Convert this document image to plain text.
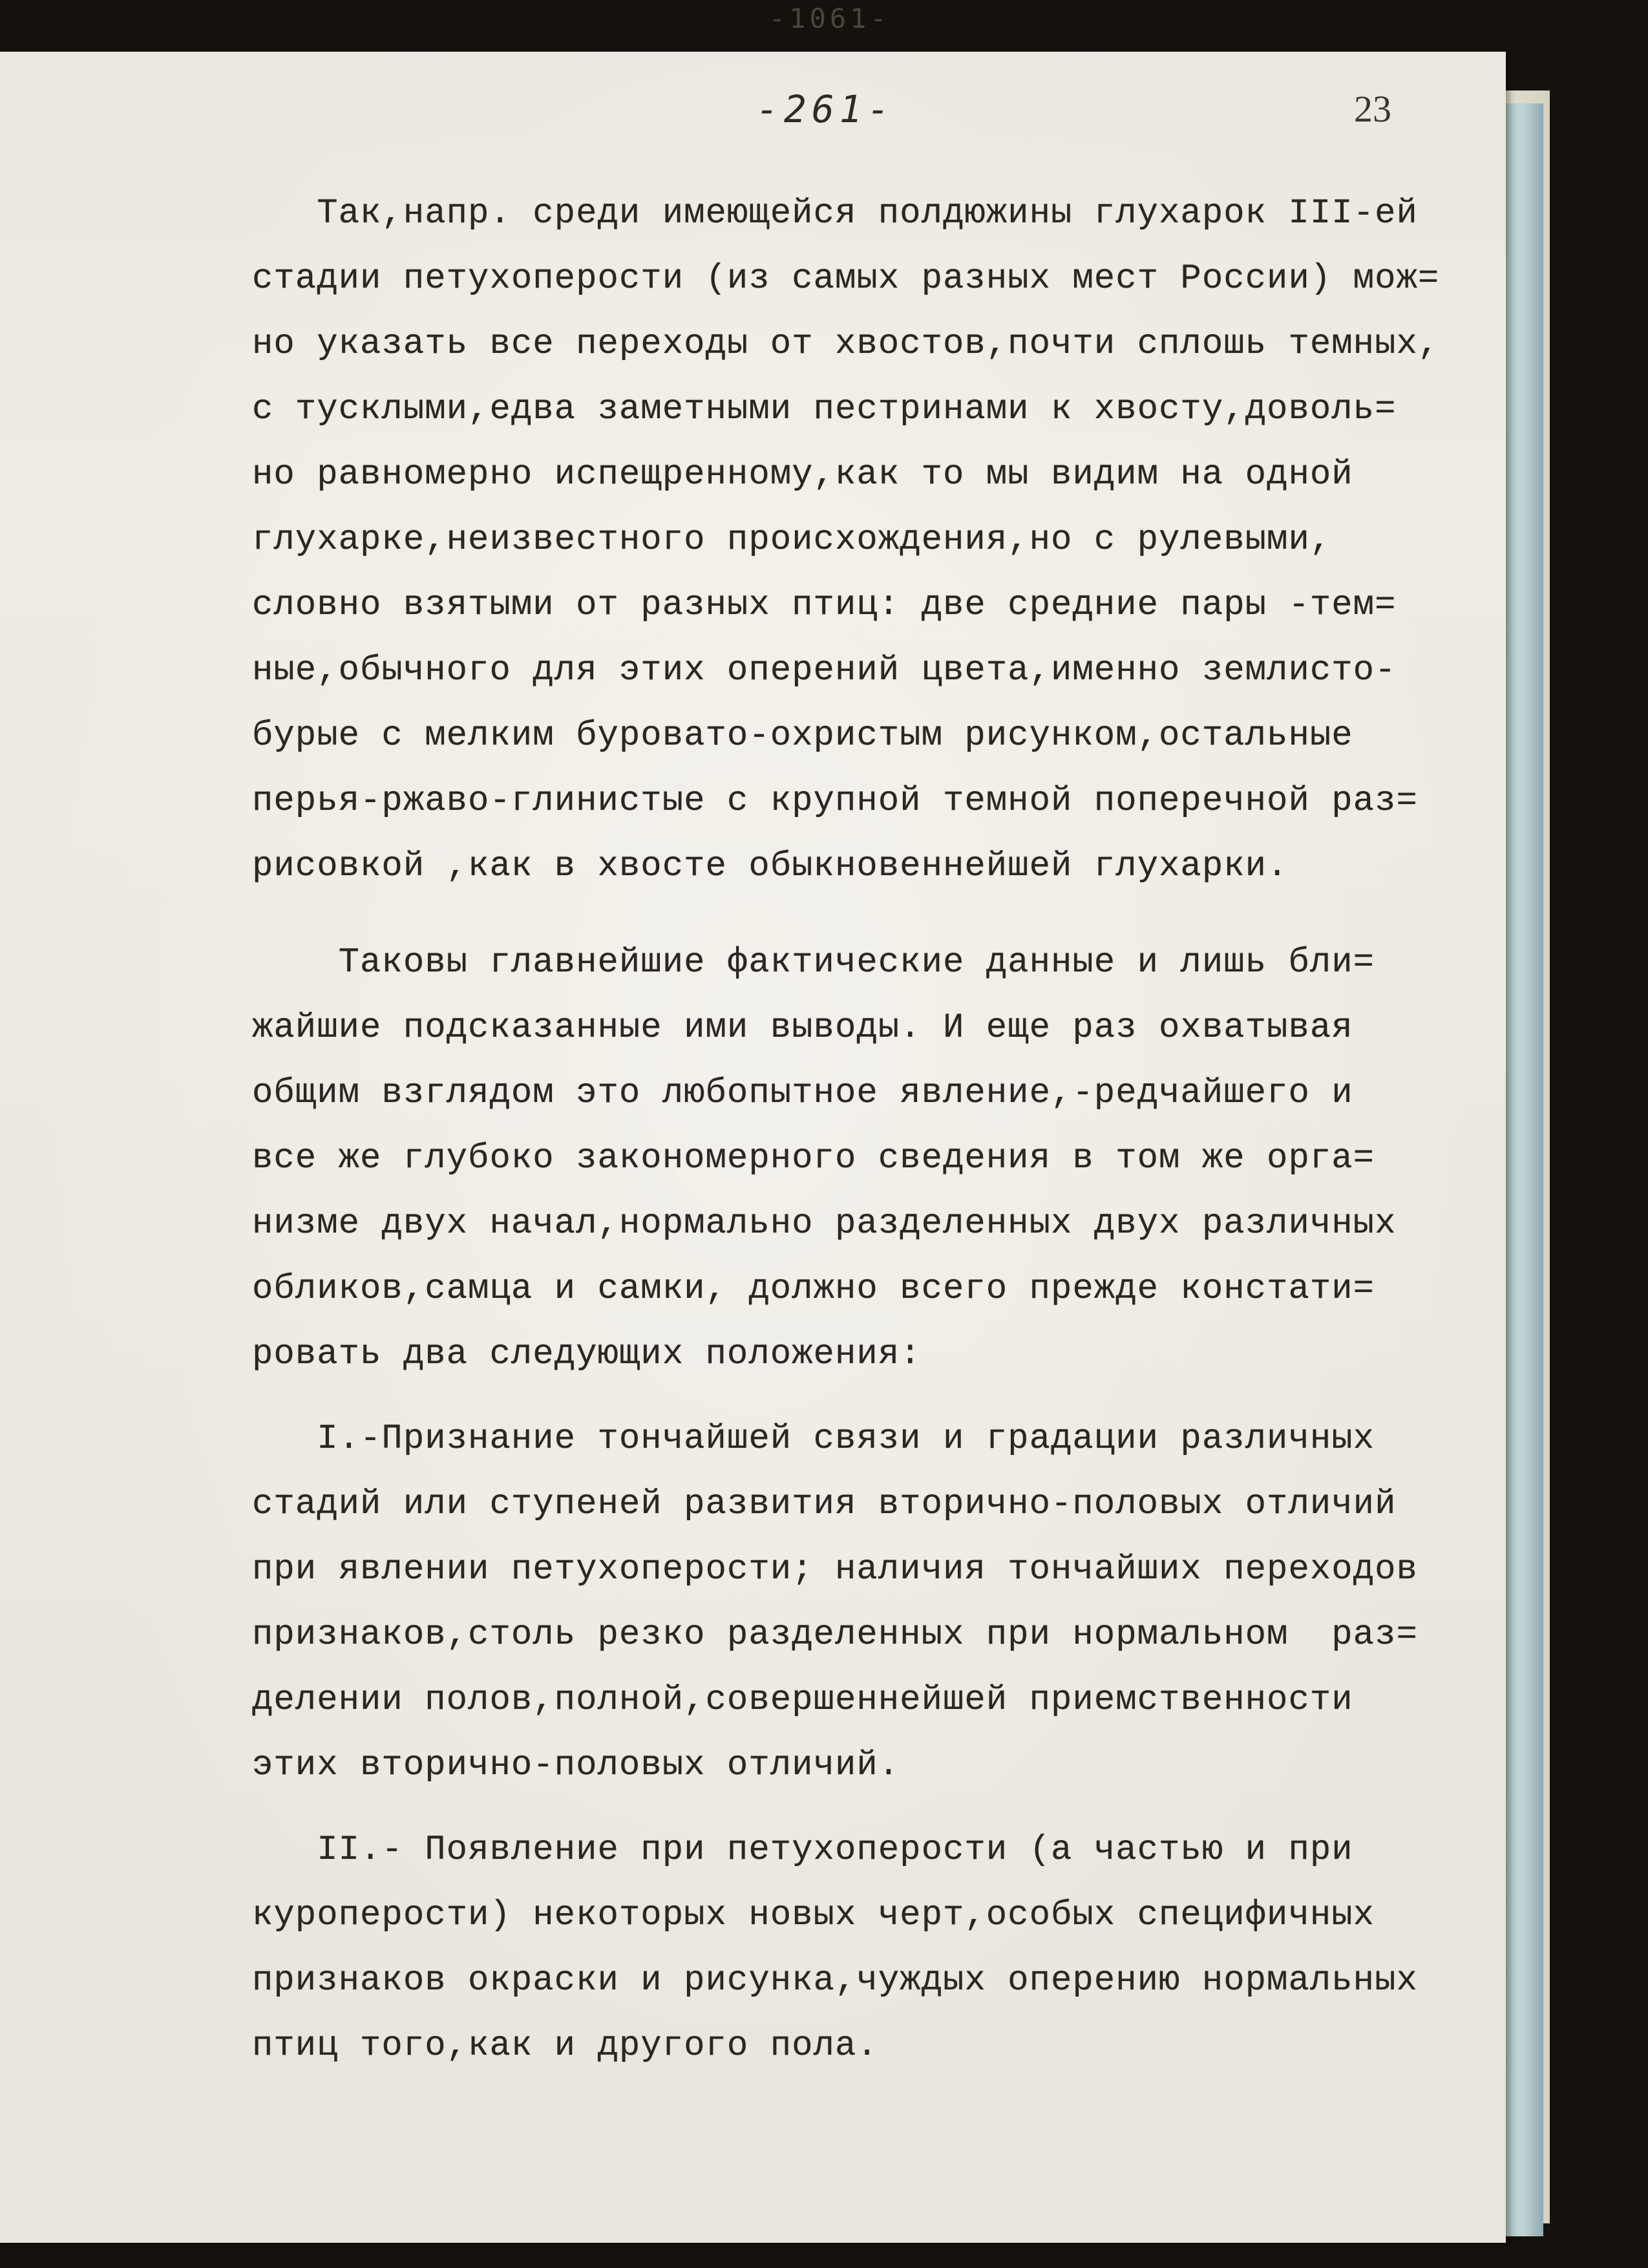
-1061-
-261-	23
Так,напр. среди имеющейся полдюжины глухарок III-ей
стадии петухоперости (из самых разных мест России) мож=
но указать все переходы от хвостов,почти сплошь темных,
с тусклыми,едва заметными пестринами к хвосту,доволь=
но равномерно испещренному,как то мы видим на одной
глухарке,неизвестного происхождения,но с рулевыми,
словно взятыми от разных птиц: две средние пары -тем=
ные,обычного для этих оперений цвета,именно землисто-
бурые с мелким буровато-охристым рисунком,остальные
перья-ржаво-глинистые с крупной темной поперечной раз=
рисовкой ,как в хвосте обыкновеннейшей глухарки.
Таковы главнейшие фактические данные и лишь бли=
жайшие подсказанные ими выводы. И еще раз охватывая
общим взглядом это любопытное явление,-редчайшего и
все же глубоко закономерного сведения в том же орга=
низме двух начал,нормально разделенных двух различных
обликов,самца и самки, должно всего прежде констати=
ровать два следующих положения:
I.-Признание тончайшей связи и градации различных
стадий или ступеней развития вторично-половых отличий
при явлении петухоперости; наличия тончайших переходов
признаков,столь резко разделенных при нормальном  раз=
делении полов,полной,совершеннейшей приемственности
этих вторично-половых отличий.
II.- Появление при петухоперости (а частью и при
куроперости) некоторых новых черт,особых специфичных
признаков окраски и рисунка,чуждых оперению нормальных
птиц того,как и другого пола.
